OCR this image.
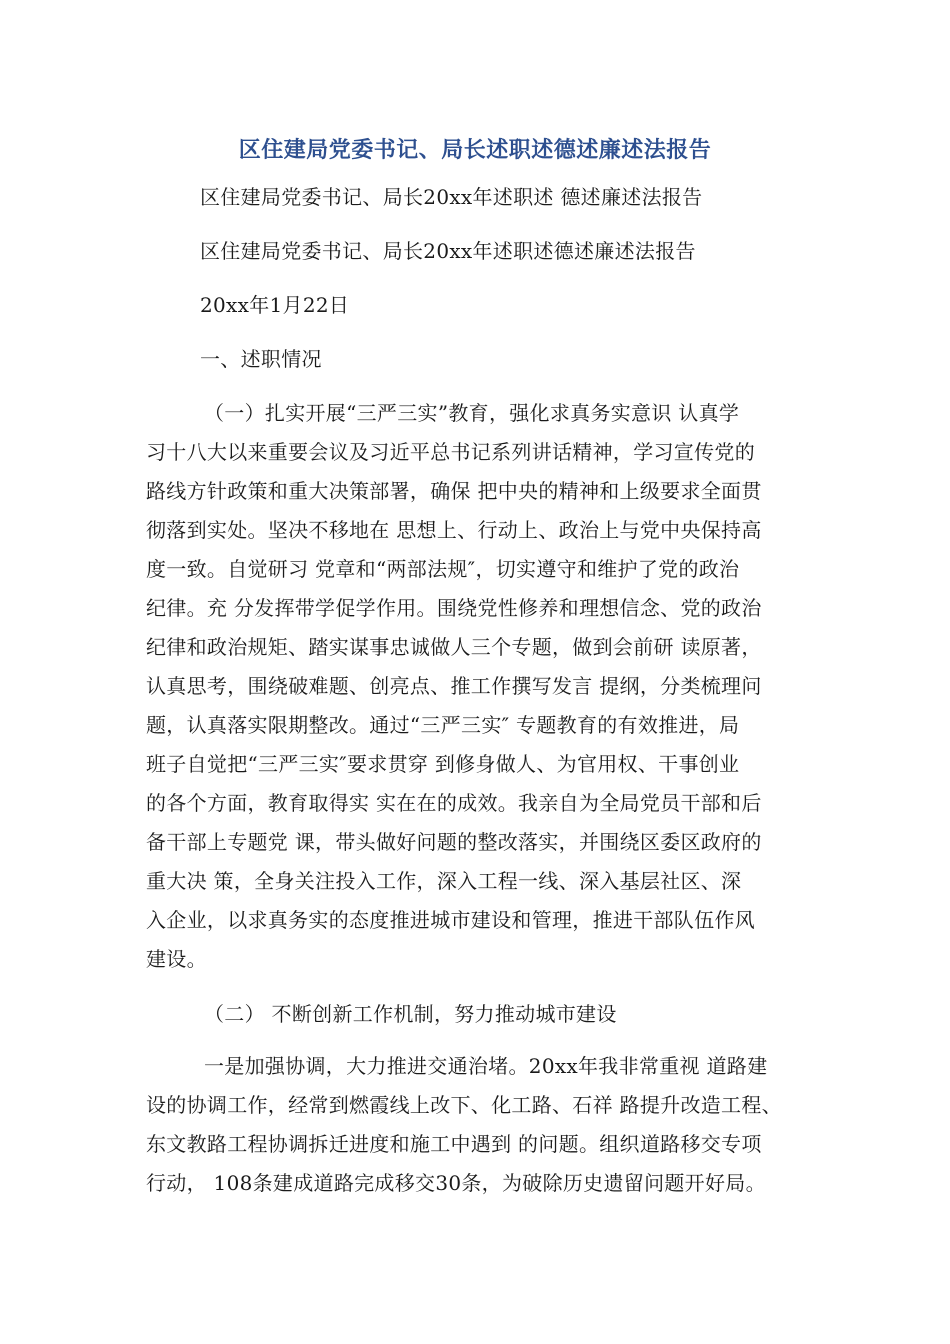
区住建局党委书记、局长述职述德述廉述法报告
区住建局党委书记、局长20xx年述职述 德述廉述法报告
区住建局党委书记、局长20xx年述职述德述廉述法报告
20xx年1月22日
一、述职情况
（一）扎实开展“三严三实”教育，强化求真务实意识 认真学
习十八大以来重要会议及习近平总书记系列讲话精神，学习宣传党的
路线方针政策和重大决策部署，确保 把中央的精神和上级要求全面贯
彻落到实处。坚决不移地在 思想上、行动上、政治上与党中央保持高
度一致。自觉研习 党章和“两部法规″，切实遵守和维护了党的政治
纪律。充 分发挥带学促学作用。围绕党性修养和理想信念、党的政治
纪律和政治规矩、踏实谋事忠诚做人三个专题，做到会前研 读原著，
认真思考，围绕破难题、创亮点、推工作撰写发言 提纲，分类梳理问
题，认真落实限期整改。通过“三严三实″ 专题教育的有效推进，局
班子自觉把“三严三实″要求贯穿 到修身做人、为官用权、干事创业
的各个方面，教育取得实 实在在的成效。我亲自为全局党员干部和后
备干部上专题党 课，带头做好问题的整改落实，并围绕区委区政府的
重大决 策，全身关注投入工作，深入工程一线、深入基层社区、深
入企业，以求真务实的态度推进城市建设和管理，推进干部队伍作风
建设。
（二） 不断创新工作机制，努力推动城市建设
一是加强协调，大力推进交通治堵。20xx年我非常重视 道路建
设的协调工作，经常到燃霞线上改下、化工路、石祥 路提升改造工程、
东文教路工程协调拆迁进度和施工中遇到 的问题。组织道路移交专项
行动， 108条建成道路完成移交30条，为破除历史遗留问题开好局。
